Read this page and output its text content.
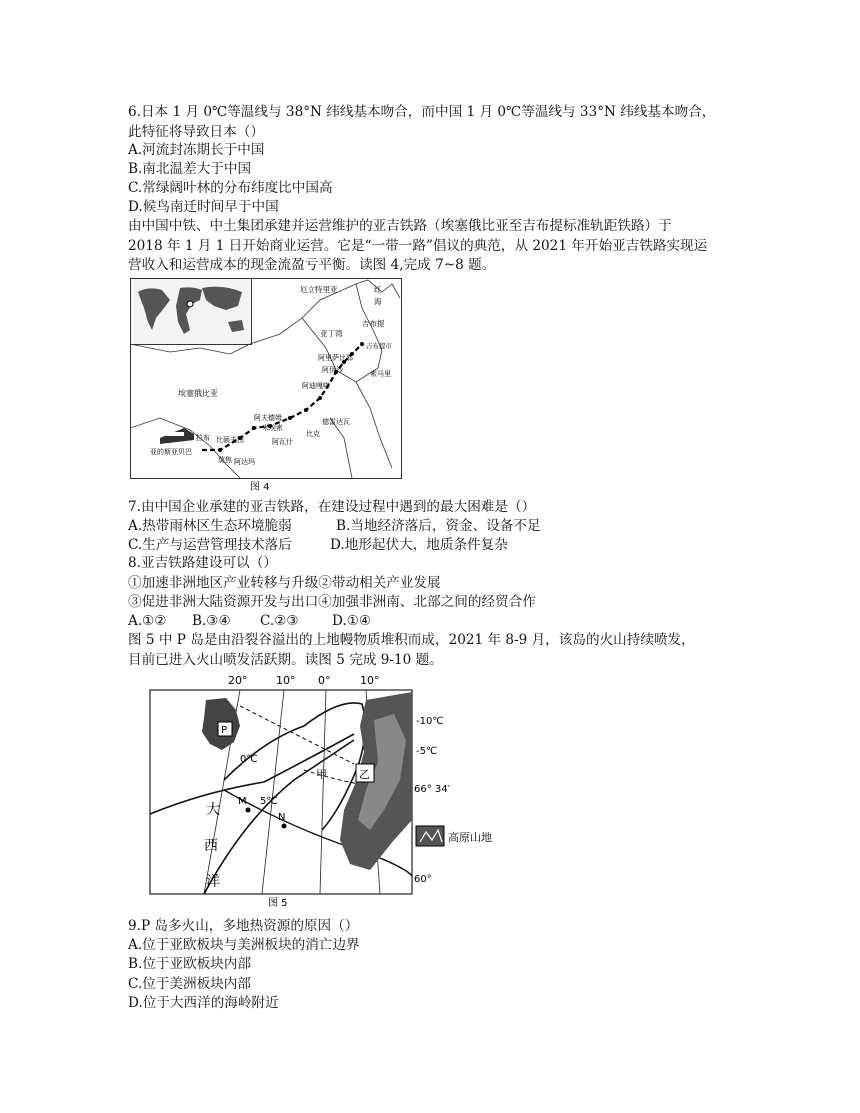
6.日本 1 月 0℃等温线与 38°N 纬线基本吻合，而中国 1 月 0℃等温线与 33°N 纬线基本吻合，
此特征将导致日本（）
A.河流封冻期长于中国
B.南北温差大于中国
C.常绿阔叶林的分布纬度比中国高
D.候鸟南迁时间早于中国
由中国中铁、中土集团承建并运营维护的亚吉铁路（埃塞俄比亚至吉布提标准轨距铁路）于
2018 年 1 月 1 日开始商业运营。它是“一带一路”倡议的典范，从 2021 年开始亚吉铁路实现运
营收入和运营成本的现金流盈亏平衡。读图 4,完成 7~8 题。
厄立特里亚	红
海
吉布提
亚丁湾
吉布提市
阿里萨比耶
阿伊沙
阿迪嘎啦
索马里
埃塞俄比亚
阿夫德姆
米埃索
德雷达瓦
比克
阿瓦什
拉布 比硕夫图
亚的斯亚贝巴
莫焦 阿达玛
图 4
7.由中国企业承建的亚吉铁路，在建设过程中遇到的最大困难是（）
A.热带雨林区生态环境脆弱	B.当地经济落后，资金、设备不足
C.生产与运营管理技术落后	D.地形起伏大，地质条件复杂
8.亚吉铁路建设可以（）
①加速非洲地区产业转移与升级②带动相关产业发展
③促进非洲大陆资源开发与出口④加强非洲南、北部之间的经贸合作
A.①② B.③④ C.②③ D.①④
图 5 中 P 岛是由沿裂谷溢出的上地幔物质堆积而成，2021 年 8-9 月，该岛的火山持续喷发，
目前已进入火山喷发活跃期。读图 5 完成 9-10 题。
20°	10° 0°	10°
P
乙
甲
M
N
0℃
5℃
-10℃
-5℃
66° 34′
60°
大
西
洋
高原山地
图 5
9.P 岛多火山，多地热资源的原因（）
A.位于亚欧板块与美洲板块的消亡边界
B.位于亚欧板块内部
C.位于美洲板块内部
D.位于大西洋的海岭附近
